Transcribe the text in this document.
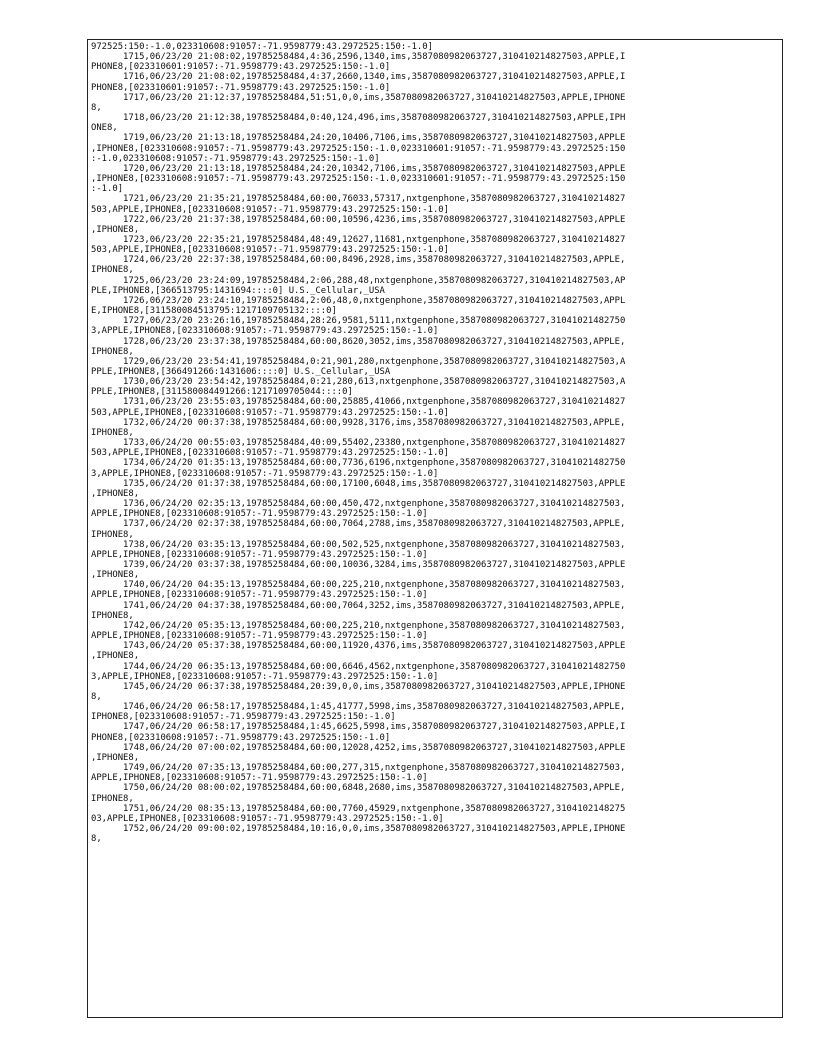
972525:150:-1.0,023310608:91057:-71.9598779:43.2972525:150:-1.0]
1715,06/23/20 21:08:02,19785258484,4:36,2596,1340,ims,3587080982063727,310410214827503,APPLE,I
PHONE8,[023310601:91057:-71.9598779:43.2972525:150:-1.0]
1716,06/23/20 21:08:02,19785258484,4:37,2660,1340,ims,3587080982063727,310410214827503,APPLE,I
PHONE8,[023310601:91057:-71.9598779:43.2972525:150:-1.0]
1717,06/23/20 21:12:37,19785258484,51:51,0,0,ims,3587080982063727,310410214827503,APPLE,IPHONE
8,
1718,06/23/20 21:12:38,19785258484,0:40,124,496,ims,3587080982063727,310410214827503,APPLE,IPH
ONE8,
1719,06/23/20 21:13:18,19785258484,24:20,10406,7106,ims,3587080982063727,310410214827503,APPLE
,IPHONE8,[023310608:91057:-71.9598779:43.2972525:150:-1.0,023310601:91057:-71.9598779:43.2972525:150
:-1.0,023310608:91057:-71.9598779:43.2972525:150:-1.0]
1720,06/23/20 21:13:18,19785258484,24:20,10342,7106,ims,3587080982063727,310410214827503,APPLE
,IPHONE8,[023310608:91057:-71.9598779:43.2972525:150:-1.0,023310601:91057:-71.9598779:43.2972525:150
:-1.0]
1721,06/23/20 21:35:21,19785258484,60:00,76033,57317,nxtgenphone,3587080982063727,310410214827
503,APPLE,IPHONE8,[023310608:91057:-71.9598779:43.2972525:150:-1.0]
1722,06/23/20 21:37:38,19785258484,60:00,10596,4236,ims,3587080982063727,310410214827503,APPLE
,IPHONE8,
1723,06/23/20 22:35:21,19785258484,48:49,12627,11681,nxtgenphone,3587080982063727,310410214827
503,APPLE,IPHONE8,[023310608:91057:-71.9598779:43.2972525:150:-1.0]
1724,06/23/20 22:37:38,19785258484,60:00,8496,2928,ims,3587080982063727,310410214827503,APPLE,
IPHONE8,
1725,06/23/20 23:24:09,19785258484,2:06,288,48,nxtgenphone,3587080982063727,310410214827503,AP
PLE,IPHONE8,[366513795:1431694::::0] U.S._Cellular,_USA
1726,06/23/20 23:24:10,19785258484,2:06,48,0,nxtgenphone,3587080982063727,310410214827503,APPL
E,IPHONE8,[311580084513795:1217109705132::::0]
1727,06/23/20 23:26:16,19785258484,28:26,9581,5111,nxtgenphone,3587080982063727,31041021482750
3,APPLE,IPHONE8,[023310608:91057:-71.9598779:43.2972525:150:-1.0]
1728,06/23/20 23:37:38,19785258484,60:00,8620,3052,ims,3587080982063727,310410214827503,APPLE,
IPHONE8,
1729,06/23/20 23:54:41,19785258484,0:21,901,280,nxtgenphone,3587080982063727,310410214827503,A
PPLE,IPHONE8,[366491266:1431606::::0] U.S._Cellular,_USA
1730,06/23/20 23:54:42,19785258484,0:21,280,613,nxtgenphone,3587080982063727,310410214827503,A
PPLE,IPHONE8,[311580084491266:1217109705044::::0]
1731,06/23/20 23:55:03,19785258484,60:00,25885,41066,nxtgenphone,3587080982063727,310410214827
503,APPLE,IPHONE8,[023310608:91057:-71.9598779:43.2972525:150:-1.0]
1732,06/24/20 00:37:38,19785258484,60:00,9928,3176,ims,3587080982063727,310410214827503,APPLE,
IPHONE8,
1733,06/24/20 00:55:03,19785258484,40:09,55402,23380,nxtgenphone,3587080982063727,310410214827
503,APPLE,IPHONE8,[023310608:91057:-71.9598779:43.2972525:150:-1.0]
1734,06/24/20 01:35:13,19785258484,60:00,7736,6196,nxtgenphone,3587080982063727,31041021482750
3,APPLE,IPHONE8,[023310608:91057:-71.9598779:43.2972525:150:-1.0]
1735,06/24/20 01:37:38,19785258484,60:00,17100,6048,ims,3587080982063727,310410214827503,APPLE
,IPHONE8,
1736,06/24/20 02:35:13,19785258484,60:00,450,472,nxtgenphone,3587080982063727,310410214827503,
APPLE,IPHONE8,[023310608:91057:-71.9598779:43.2972525:150:-1.0]
1737,06/24/20 02:37:38,19785258484,60:00,7064,2788,ims,3587080982063727,310410214827503,APPLE,
IPHONE8,
1738,06/24/20 03:35:13,19785258484,60:00,502,525,nxtgenphone,3587080982063727,310410214827503,
APPLE,IPHONE8,[023310608:91057:-71.9598779:43.2972525:150:-1.0]
1739,06/24/20 03:37:38,19785258484,60:00,10036,3284,ims,3587080982063727,310410214827503,APPLE
,IPHONE8,
1740,06/24/20 04:35:13,19785258484,60:00,225,210,nxtgenphone,3587080982063727,310410214827503,
APPLE,IPHONE8,[023310608:91057:-71.9598779:43.2972525:150:-1.0]
1741,06/24/20 04:37:38,19785258484,60:00,7064,3252,ims,3587080982063727,310410214827503,APPLE,
IPHONE8,
1742,06/24/20 05:35:13,19785258484,60:00,225,210,nxtgenphone,3587080982063727,310410214827503,
APPLE,IPHONE8,[023310608:91057:-71.9598779:43.2972525:150:-1.0]
1743,06/24/20 05:37:38,19785258484,60:00,11920,4376,ims,3587080982063727,310410214827503,APPLE
,IPHONE8,
1744,06/24/20 06:35:13,19785258484,60:00,6646,4562,nxtgenphone,3587080982063727,31041021482750
3,APPLE,IPHONE8,[023310608:91057:-71.9598779:43.2972525:150:-1.0]
1745,06/24/20 06:37:38,19785258484,20:39,0,0,ims,3587080982063727,310410214827503,APPLE,IPHONE
8,
1746,06/24/20 06:58:17,19785258484,1:45,41777,5998,ims,3587080982063727,310410214827503,APPLE,
IPHONE8,[023310608:91057:-71.9598779:43.2972525:150:-1.0]
1747,06/24/20 06:58:17,19785258484,1:45,6625,5998,ims,3587080982063727,310410214827503,APPLE,I
PHONE8,[023310608:91057:-71.9598779:43.2972525:150:-1.0]
1748,06/24/20 07:00:02,19785258484,60:00,12028,4252,ims,3587080982063727,310410214827503,APPLE
,IPHONE8,
1749,06/24/20 07:35:13,19785258484,60:00,277,315,nxtgenphone,3587080982063727,310410214827503,
APPLE,IPHONE8,[023310608:91057:-71.9598779:43.2972525:150:-1.0]
1750,06/24/20 08:00:02,19785258484,60:00,6848,2680,ims,3587080982063727,310410214827503,APPLE,
IPHONE8,
1751,06/24/20 08:35:13,19785258484,60:00,7760,45929,nxtgenphone,3587080982063727,3104102148275
03,APPLE,IPHONE8,[023310608:91057:-71.9598779:43.2972525:150:-1.0]
1752,06/24/20 09:00:02,19785258484,10:16,0,0,ims,3587080982063727,310410214827503,APPLE,IPHONE
8,
